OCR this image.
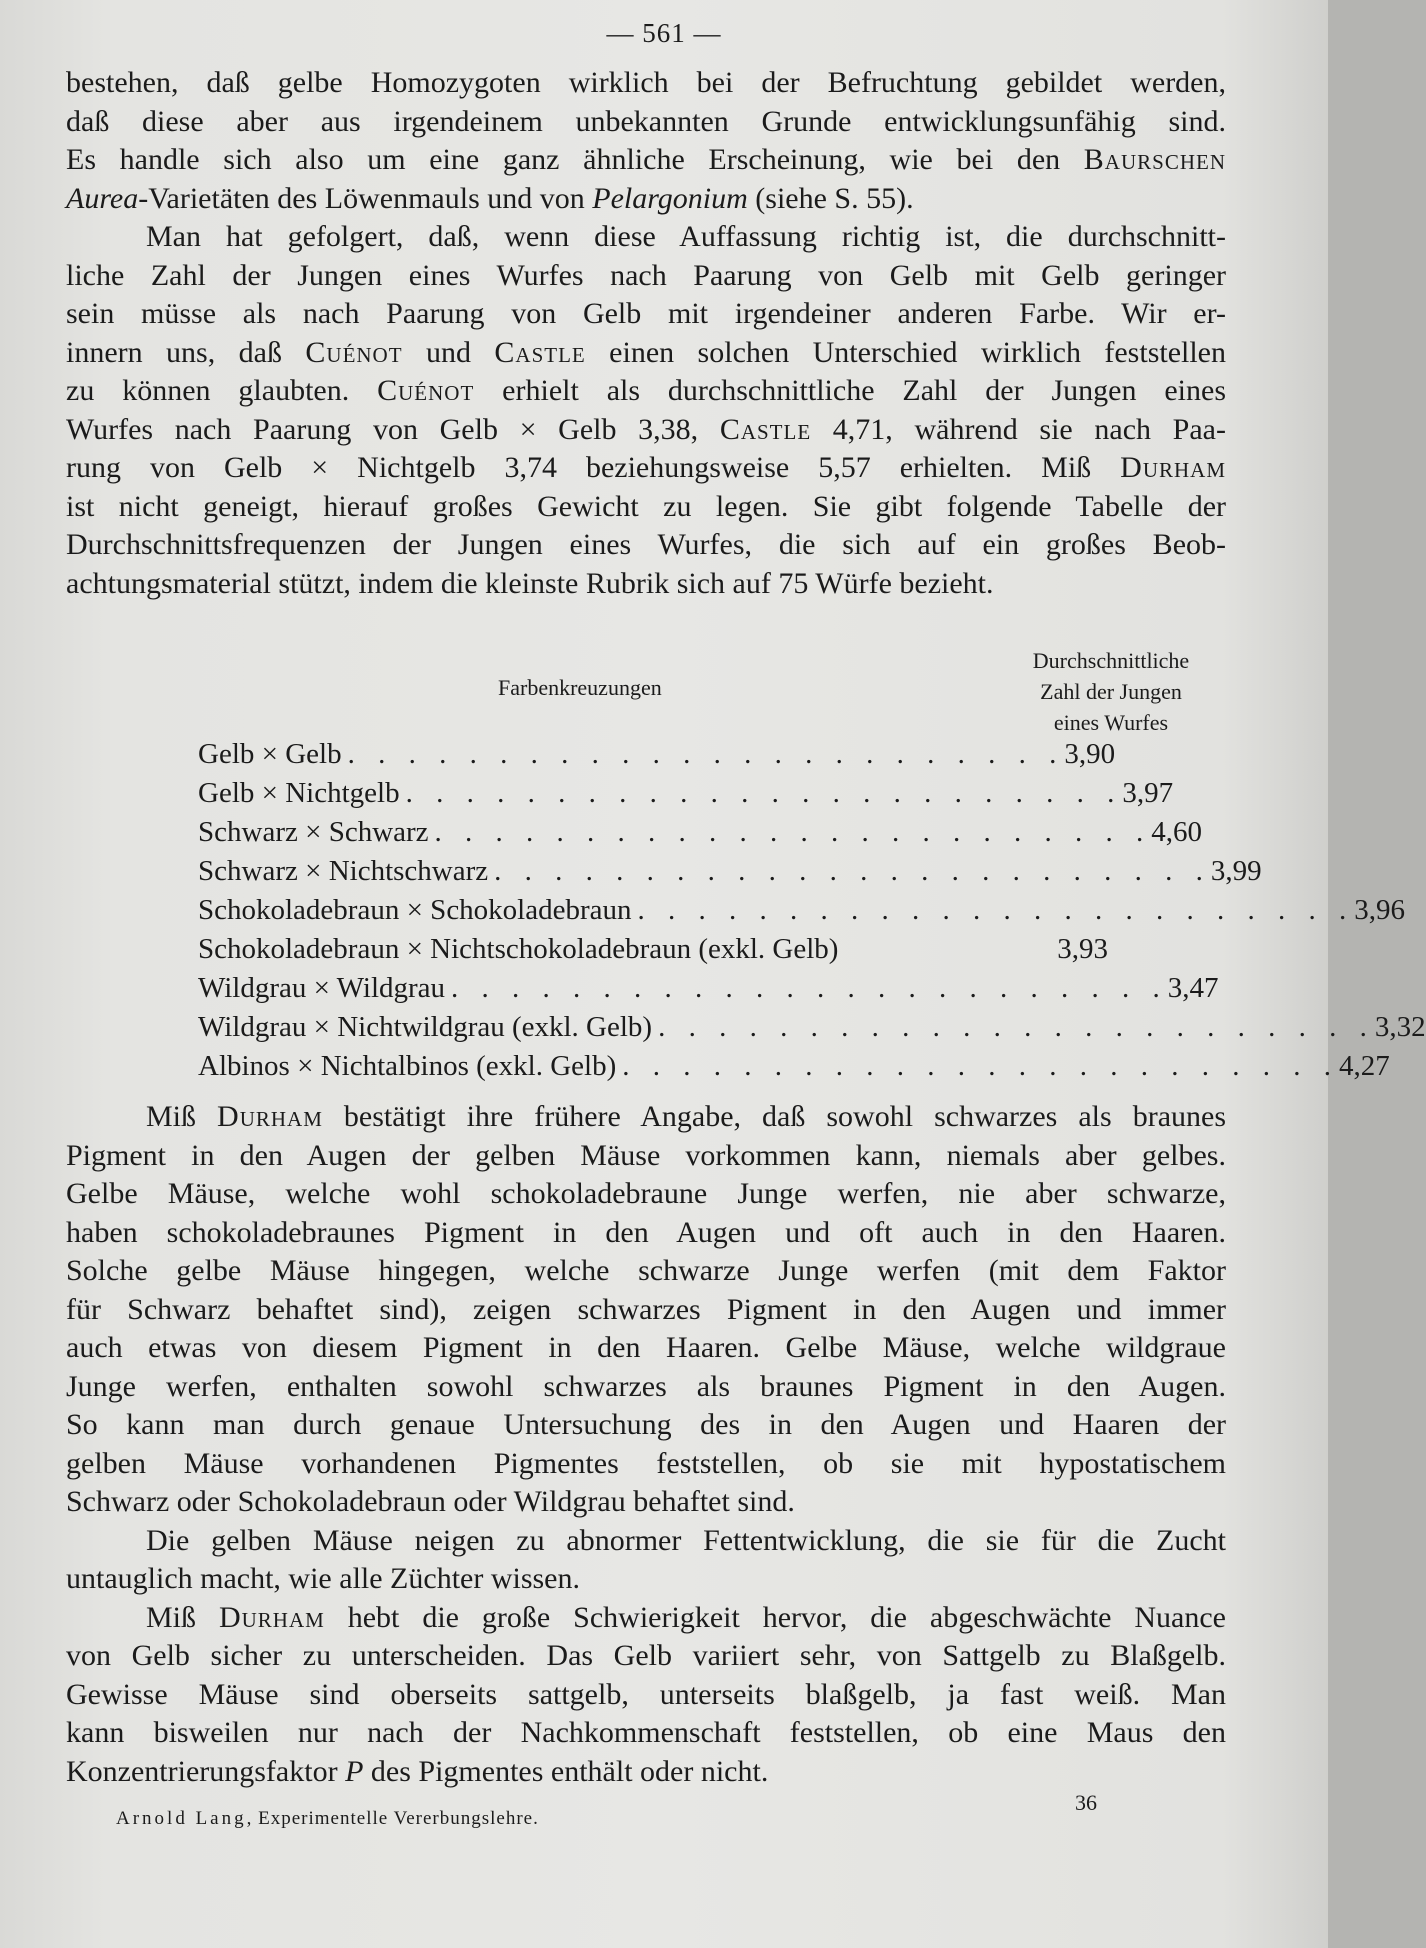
— 561 —

bestehen, daß gelbe Homozygoten wirklich bei der Befruchtung gebildet werden,
daß diese aber aus irgendeinem unbekannten Grunde entwicklungsunfähig sind.
Es handle sich also um eine ganz ähnliche Erscheinung, wie bei den Baurschen
Aurea-Varietäten des Löwenmauls und von Pelargonium (siehe S. 55).

Man hat gefolgert, daß, wenn diese Auffassung richtig ist, die durchschnitt-
liche Zahl der Jungen eines Wurfes nach Paarung von Gelb mit Gelb geringer
sein müsse als nach Paarung von Gelb mit irgendeiner anderen Farbe. Wir er-
innern uns, daß Cuénot und Castle einen solchen Unterschied wirklich feststellen
zu können glaubten. Cuénot erhielt als durchschnittliche Zahl der Jungen eines
Wurfes nach Paarung von Gelb × Gelb 3,38, Castle 4,71, während sie nach Paa-
rung von Gelb × Nichtgelb 3,74 beziehungsweise 5,57 erhielten. Miß Durham
ist nicht geneigt, hierauf großes Gewicht zu legen. Sie gibt folgende Tabelle der
Durchschnittsfrequenzen der Jungen eines Wurfes, die sich auf ein großes Beob-
achtungsmaterial stützt, indem die kleinste Rubrik sich auf 75 Würfe bezieht.

Farbenkreuzungen
Durchschnittliche
Zahl der Jungen
eines Wurfes
Gelb × Gelb . . . . . . . . . . . . . . . . . . . . . . . . 3,90
Gelb × Nichtgelb . . . . . . . . . . . . . . . . . . . . . . . . 3,97
Schwarz × Schwarz . . . . . . . . . . . . . . . . . . . . . . . . 4,60
Schwarz × Nichtschwarz . . . . . . . . . . . . . . . . . . . . . . . . 3,99
Schokoladebraun × Schokoladebraun . . . . . . . . . . . . . . . . . . . . . . . . 3,96
Schokoladebraun × Nichtschokoladebraun (exkl. Gelb)	3,93
Wildgrau × Wildgrau . . . . . . . . . . . . . . . . . . . . . . . . 3,47
Wildgrau × Nichtwildgrau (exkl. Gelb) . . . . . . . . . . . . . . . . . . . . . . . . 3,32
Albinos × Nichtalbinos (exkl. Gelb) . . . . . . . . . . . . . . . . . . . . . . . . 4,27

Miß Durham bestätigt ihre frühere Angabe, daß sowohl schwarzes als braunes
Pigment in den Augen der gelben Mäuse vorkommen kann, niemals aber gelbes.
Gelbe Mäuse, welche wohl schokoladebraune Junge werfen, nie aber schwarze,
haben schokoladebraunes Pigment in den Augen und oft auch in den Haaren.
Solche gelbe Mäuse hingegen, welche schwarze Junge werfen (mit dem Faktor
für Schwarz behaftet sind), zeigen schwarzes Pigment in den Augen und immer
auch etwas von diesem Pigment in den Haaren. Gelbe Mäuse, welche wildgraue
Junge werfen, enthalten sowohl schwarzes als braunes Pigment in den Augen.
So kann man durch genaue Untersuchung des in den Augen und Haaren der
gelben Mäuse vorhandenen Pigmentes feststellen, ob sie mit hypostatischem
Schwarz oder Schokoladebraun oder Wildgrau behaftet sind.

Die gelben Mäuse neigen zu abnormer Fettentwicklung, die sie für die Zucht
untauglich macht, wie alle Züchter wissen.

Miß Durham hebt die große Schwierigkeit hervor, die abgeschwächte Nuance
von Gelb sicher zu unterscheiden. Das Gelb variiert sehr, von Sattgelb zu Blaßgelb.
Gewisse Mäuse sind oberseits sattgelb, unterseits blaßgelb, ja fast weiß. Man
kann bisweilen nur nach der Nachkommenschaft feststellen, ob eine Maus den
Konzentrierungsfaktor P des Pigmentes enthält oder nicht.

Arnold Lang, Experimentelle Vererbungslehre.
36
